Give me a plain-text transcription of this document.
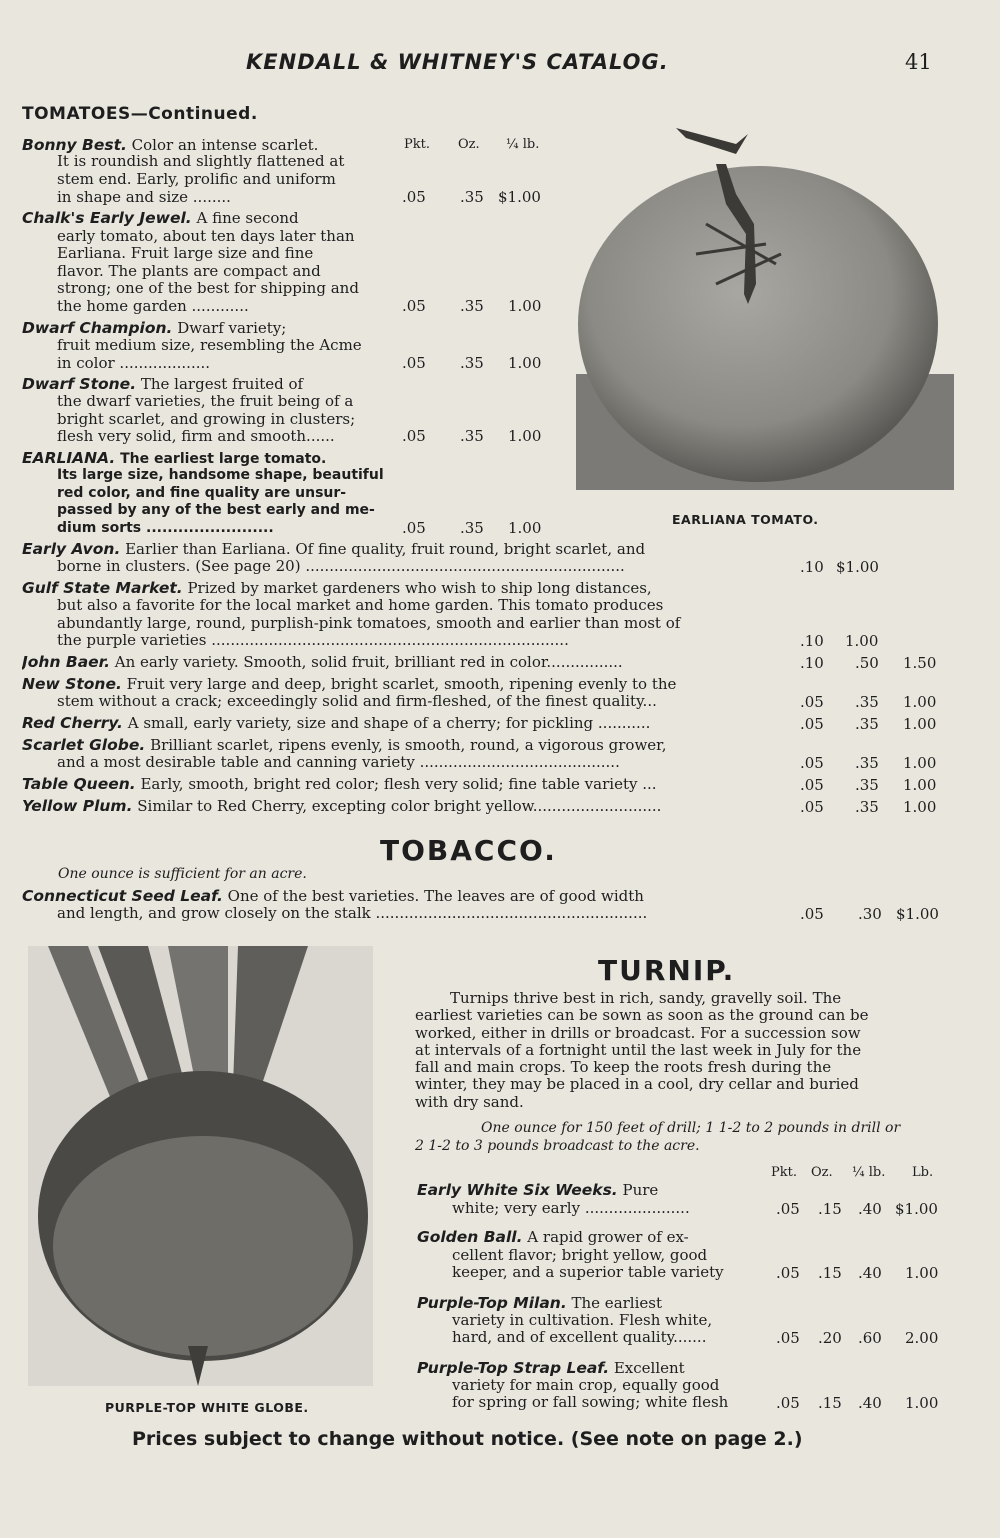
KENDALL & WHITNEY'S CATALOG.	41
TOMATOES—Continued.
Pkt. Oz. ¼ lb.
EARLIANA TOMATO.
Bonny Best. Color an intense scarlet.
It is roundish and slightly flattened at
stem end. Early, prolific and uniform
in shape and size ........	.05 .35 $1.00
Chalk's Early Jewel. A fine second
early tomato, about ten days later than
Earliana. Fruit large size and fine
flavor. The plants are compact and
strong; one of the best for shipping and
the home garden ............	.05 .35 1.00
Dwarf Champion. Dwarf variety;
fruit medium size, resembling the Acme
in color ...................	.05 .35 1.00
Dwarf Stone. The largest fruited of
the dwarf varieties, the fruit being of a
bright scarlet, and growing in clusters;
flesh very solid, firm and smooth......	.05 .35 1.00
EARLIANA. The earliest large tomato.
Its large size, handsome shape, beautiful
red color, and fine quality are unsur-
passed by any of the best early and me-
dium sorts ........................	.05 .35 1.00
Early Avon. Earlier than Earliana. Of fine quality, fruit round, bright scarlet, and
borne in clusters. (See page 20) ...................................................................	.10 $1.00
Gulf State Market. Prized by market gardeners who wish to ship long distances,
but also a favorite for the local market and home garden. This tomato produces
abundantly large, round, purplish-pink tomatoes, smooth and earlier than most of
the purple varieties ...........................................................................	.10 1.00
John Baer. An early variety. Smooth, solid fruit, brilliant red in color................	.10 .50 1.50
New Stone. Fruit very large and deep, bright scarlet, smooth, ripening evenly to the
stem without a crack; exceedingly solid and firm-fleshed, of the finest quality...	.05 .35 1.00
Red Cherry. A small, early variety, size and shape of a cherry; for pickling ...........	.05 .35 1.00
Scarlet Globe. Brilliant scarlet, ripens evenly, is smooth, round, a vigorous grower,
and a most desirable table and canning variety ..........................................	.05 .35 1.00
Table Queen. Early, smooth, bright red color; flesh very solid; fine table variety ...	.05 .35 1.00
Yellow Plum. Similar to Red Cherry, excepting color bright yellow...........................	.05 .35 1.00
TOBACCO.
One ounce is sufficient for an acre.
Connecticut Seed Leaf. One of the best varieties. The leaves are of good width
and length, and grow closely on the stalk .........................................................	.05 .30 $1.00
PURPLE-TOP WHITE GLOBE.
TURNIP.
Turnips thrive best in rich, sandy, gravelly soil. The
earliest varieties can be sown as soon as the ground can be
worked, either in drills or broadcast. For a succession sow
at intervals of a fortnight until the last week in July for the
fall and main crops. To keep the roots fresh during the
winter, they may be placed in a cool, dry cellar and buried
with dry sand.
One ounce for 150 feet of drill; 1 1-2 to 2 pounds in drill or
2 1-2 to 3 pounds broadcast to the acre.
Pkt. Oz. ¼ lb. Lb.
Early White Six Weeks. Pure
white; very early ......................	.05 .15 .40 $1.00
Golden Ball. A rapid grower of ex-
cellent flavor; bright yellow, good
keeper, and a superior table variety	.05 .15 .40 1.00
Purple-Top Milan. The earliest
variety in cultivation. Flesh white,
hard, and of excellent quality.......	.05 .20 .60 2.00
Purple-Top Strap Leaf. Excellent
variety for main crop, equally good
for spring or fall sowing; white flesh	.05 .15 .40 1.00
Prices subject to change without notice. (See note on page 2.)
